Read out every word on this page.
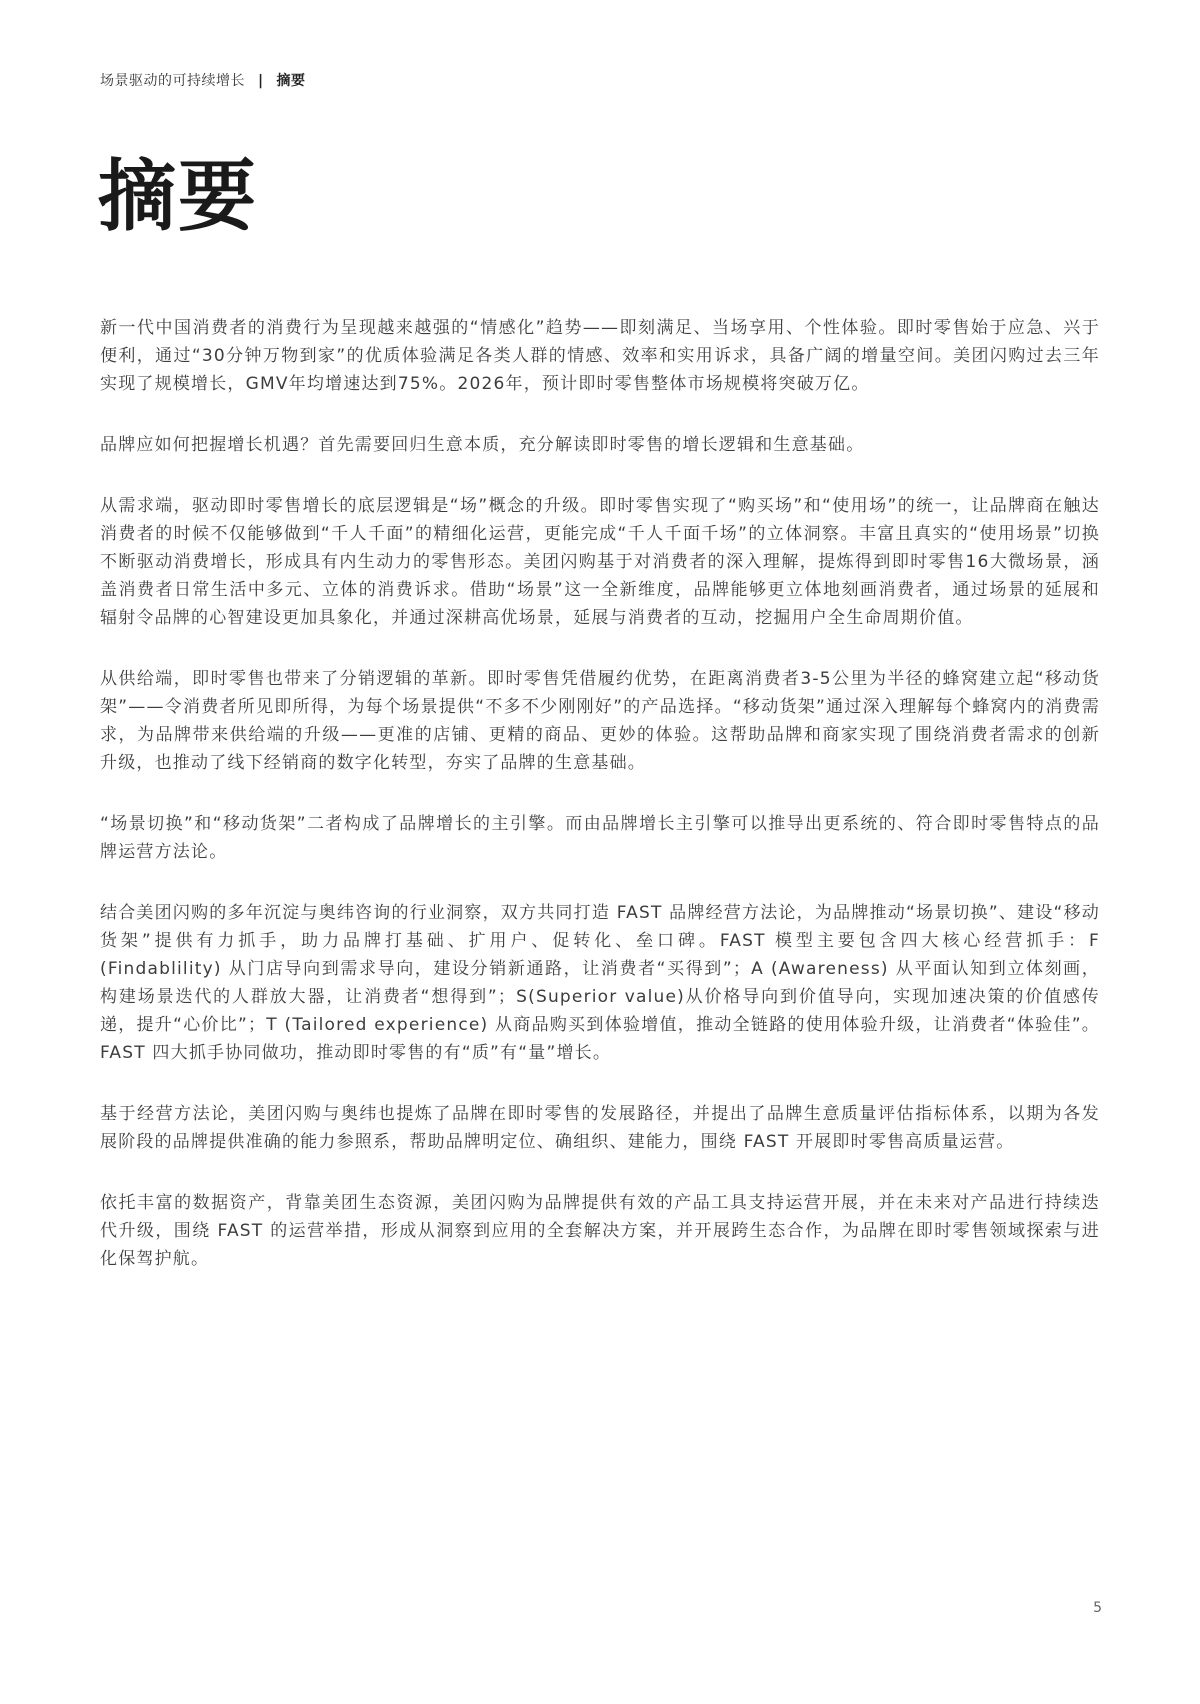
场景驱动的可持续增长 | 摘要
摘要

新一代中国消费者的消费行为呈现越来越强的“情感化”趋势——即刻满足、当场享用、个性体验。即时零售始于应急、兴于便利，通过“30分钟万物到家”的优质体验满足各类人群的情感、效率和实用诉求，具备广阔的增量空间。美团闪购过去三年实现了规模增长，GMV年均增速达到75%。2026年，预计即时零售整体市场规模将突破万亿。

品牌应如何把握增长机遇？首先需要回归生意本质，充分解读即时零售的增长逻辑和生意基础。

从需求端，驱动即时零售增长的底层逻辑是“场”概念的升级。即时零售实现了“购买场”和“使用场”的统一，让品牌商在触达消费者的时候不仅能够做到“千人千面”的精细化运营，更能完成“千人千面千场”的立体洞察。丰富且真实的“使用场景”切换不断驱动消费增长，形成具有内生动力的零售形态。美团闪购基于对消费者的深入理解，提炼得到即时零售16大微场景，涵盖消费者日常生活中多元、立体的消费诉求。借助“场景”这一全新维度，品牌能够更立体地刻画消费者，通过场景的延展和辐射令品牌的心智建设更加具象化，并通过深耕高优场景，延展与消费者的互动，挖掘用户全生命周期价值。

从供给端，即时零售也带来了分销逻辑的革新。即时零售凭借履约优势，在距离消费者3-5公里为半径的蜂窝建立起“移动货架”——令消费者所见即所得，为每个场景提供“不多不少刚刚好”的产品选择。“移动货架”通过深入理解每个蜂窝内的消费需求，为品牌带来供给端的升级——更准的店铺、更精的商品、更妙的体验。这帮助品牌和商家实现了围绕消费者需求的创新升级，也推动了线下经销商的数字化转型，夯实了品牌的生意基础。

“场景切换”和“移动货架”二者构成了品牌增长的主引擎。而由品牌增长主引擎可以推导出更系统的、符合即时零售特点的品牌运营方法论。

结合美团闪购的多年沉淀与奥纬咨询的行业洞察，双方共同打造 FAST 品牌经营方法论，为品牌推动“场景切换”、建设“移动货架”提供有力抓手，助力品牌打基础、扩用户、促转化、垒口碑。FAST 模型主要包含四大核心经营抓手：F (Findablility) 从门店导向到需求导向，建设分销新通路，让消费者“买得到”；A (Awareness) 从平面认知到立体刻画，构建场景迭代的人群放大器，让消费者“想得到”；S(Superior value)从价格导向到价值导向，实现加速决策的价值感传递，提升“心价比”；T (Tailored experience) 从商品购买到体验增值，推动全链路的使用体验升级，让消费者“体验佳”。FAST 四大抓手协同做功，推动即时零售的有“质”有“量”增长。

基于经营方法论，美团闪购与奥纬也提炼了品牌在即时零售的发展路径，并提出了品牌生意质量评估指标体系，以期为各发展阶段的品牌提供准确的能力参照系，帮助品牌明定位、确组织、建能力，围绕 FAST 开展即时零售高质量运营。

依托丰富的数据资产，背靠美团生态资源，美团闪购为品牌提供有效的产品工具支持运营开展，并在未来对产品进行持续迭代升级，围绕 FAST 的运营举措，形成从洞察到应用的全套解决方案，并开展跨生态合作，为品牌在即时零售领域探索与进化保驾护航。

5
